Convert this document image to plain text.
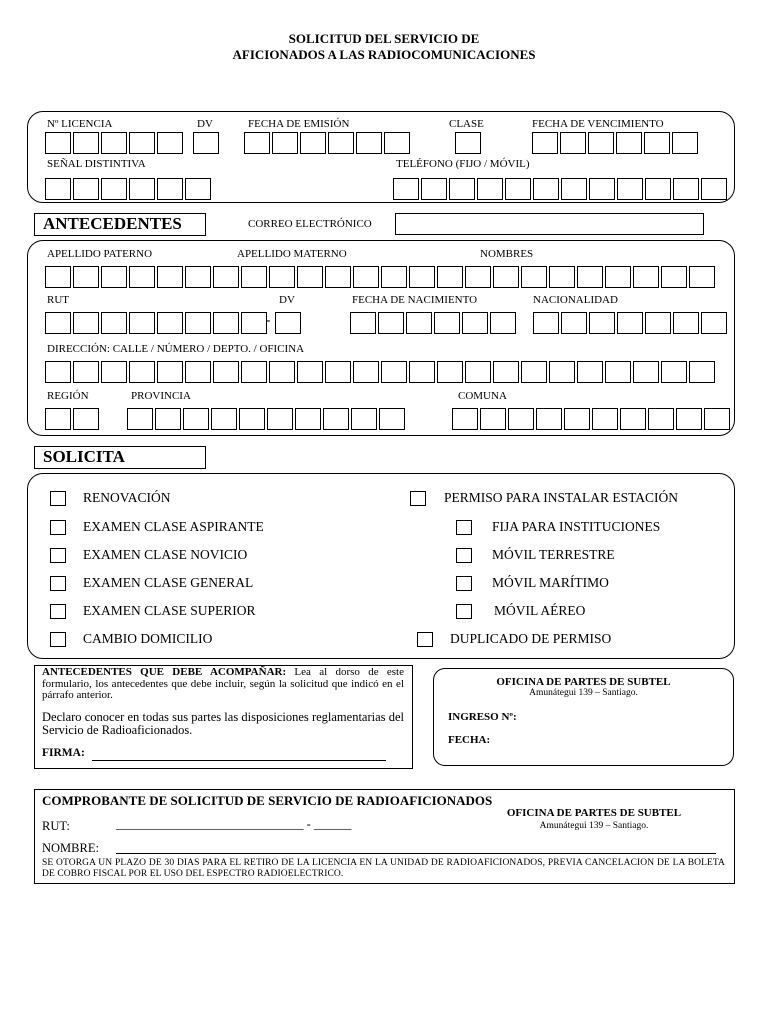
SOLICITUD DEL SERVICIO DE
AFICIONADOS A LAS RADIOCOMUNICACIONES
Nº LICENCIA	DV	FECHA DE EMISIÓN	CLASE	FECHA DE VENCIMIENTO
SEÑAL DISTINTIVA	TELÉFONO (FIJO / MÓVIL)
ANTECEDENTES	CORREO ELECTRÓNICO
APELLIDO PATERNO	APELLIDO MATERNO	NOMBRES
RUT	DV	FECHA DE NACIMIENTO	NACIONALIDAD
-
DIRECCIÓN: CALLE / NÚMERO / DEPTO. / OFICINA
REGIÓN	PROVINCIA	COMUNA
SOLICITA
RENOVACIÓN
EXAMEN CLASE ASPIRANTE
EXAMEN CLASE NOVICIO
EXAMEN CLASE GENERAL
EXAMEN CLASE SUPERIOR
CAMBIO DOMICILIO
PERMISO PARA INSTALAR ESTACIÓN
FIJA PARA INSTITUCIONES
MÓVIL TERRESTRE
MÓVIL MARÍTIMO
MÓVIL AÉREO
DUPLICADO DE PERMISO
ANTECEDENTES QUE DEBE ACOMPAÑAR: Lea al dorso de este formulario, los antecedentes que debe incluir, según la solicitud que indicó en el párrafo anterior.
Declaro conocer en todas sus partes las disposiciones reglamentarias del Servicio de Radioaficionados.
FIRMA:
OFICINA DE PARTES DE SUBTEL
Amunátegui 139 – Santiago.
INGRESO Nº:
FECHA:
COMPROBANTE DE SOLICITUD DE SERVICIO DE RADIOAFICIONADOS
OFICINA DE PARTES DE SUBTEL
Amunátegui 139 – Santiago.
RUT:	______________________________ - ______
NOMBRE:
SE OTORGA UN PLAZO DE 30 DIAS PARA EL RETIRO DE LA LICENCIA EN LA UNIDAD DE RADIOAFICIONADOS, PREVIA CANCELACION DE LA BOLETA DE COBRO FISCAL POR EL USO DEL ESPECTRO RADIOELECTRICO.
